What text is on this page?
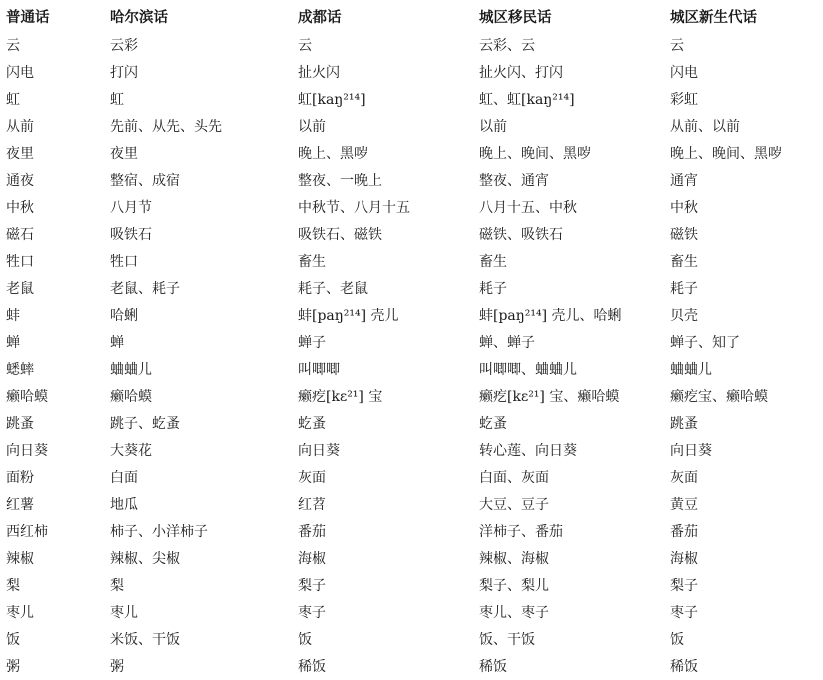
普通话	哈尔滨话	成都话	城区移民话	城区新生代话
云	云彩	云	云彩、云	云
闪电	打闪	扯火闪	扯火闪、打闪	闪电
虹	虹	虹[kaŋ²¹⁴]	虹、虹[kaŋ²¹⁴]	彩虹
从前	先前、从先、头先	以前	以前	从前、以前
夜里	夜里	晚上、黑哕	晚上、晚间、黑哕	晚上、晚间、黑哕
通夜	整宿、成宿	整夜、一晚上	整夜、通宵	通宵
中秋	八月节	中秋节、八月十五	八月十五、中秋	中秋
磁石	吸铁石	吸铁石、磁铁	磁铁、吸铁石	磁铁
牲口	牲口	畜生	畜生	畜生
老鼠	老鼠、耗子	耗子、老鼠	耗子	耗子
蚌	哈蜊	蚌[paŋ²¹⁴] 壳儿	蚌[paŋ²¹⁴] 壳儿、哈蜊	贝壳
蝉	蝉	蝉子	蝉、蝉子	蝉子、知了
蟋蟀	蛐蛐儿	叫唧唧	叫唧唧、蛐蛐儿	蛐蛐儿
癞哈蟆	癞哈蟆	癞疙[kɛ²¹] 宝	癞疙[kɛ²¹] 宝、癞哈蟆	癞疙宝、癞哈蟆
跳蚤	跳子、虼蚤	虼蚤	虼蚤	跳蚤
向日葵	大葵花	向日葵	转心莲、向日葵	向日葵
面粉	白面	灰面	白面、灰面	灰面
红薯	地瓜	红苕	大豆、豆子	黄豆
西红柿	柿子、小洋柿子	番茄	洋柿子、番茄	番茄
辣椒	辣椒、尖椒	海椒	辣椒、海椒	海椒
梨	梨	梨子	梨子、梨儿	梨子
枣儿	枣儿	枣子	枣儿、枣子	枣子
饭	米饭、干饭	饭	饭、干饭	饭
粥	粥	稀饭	稀饭	稀饭
